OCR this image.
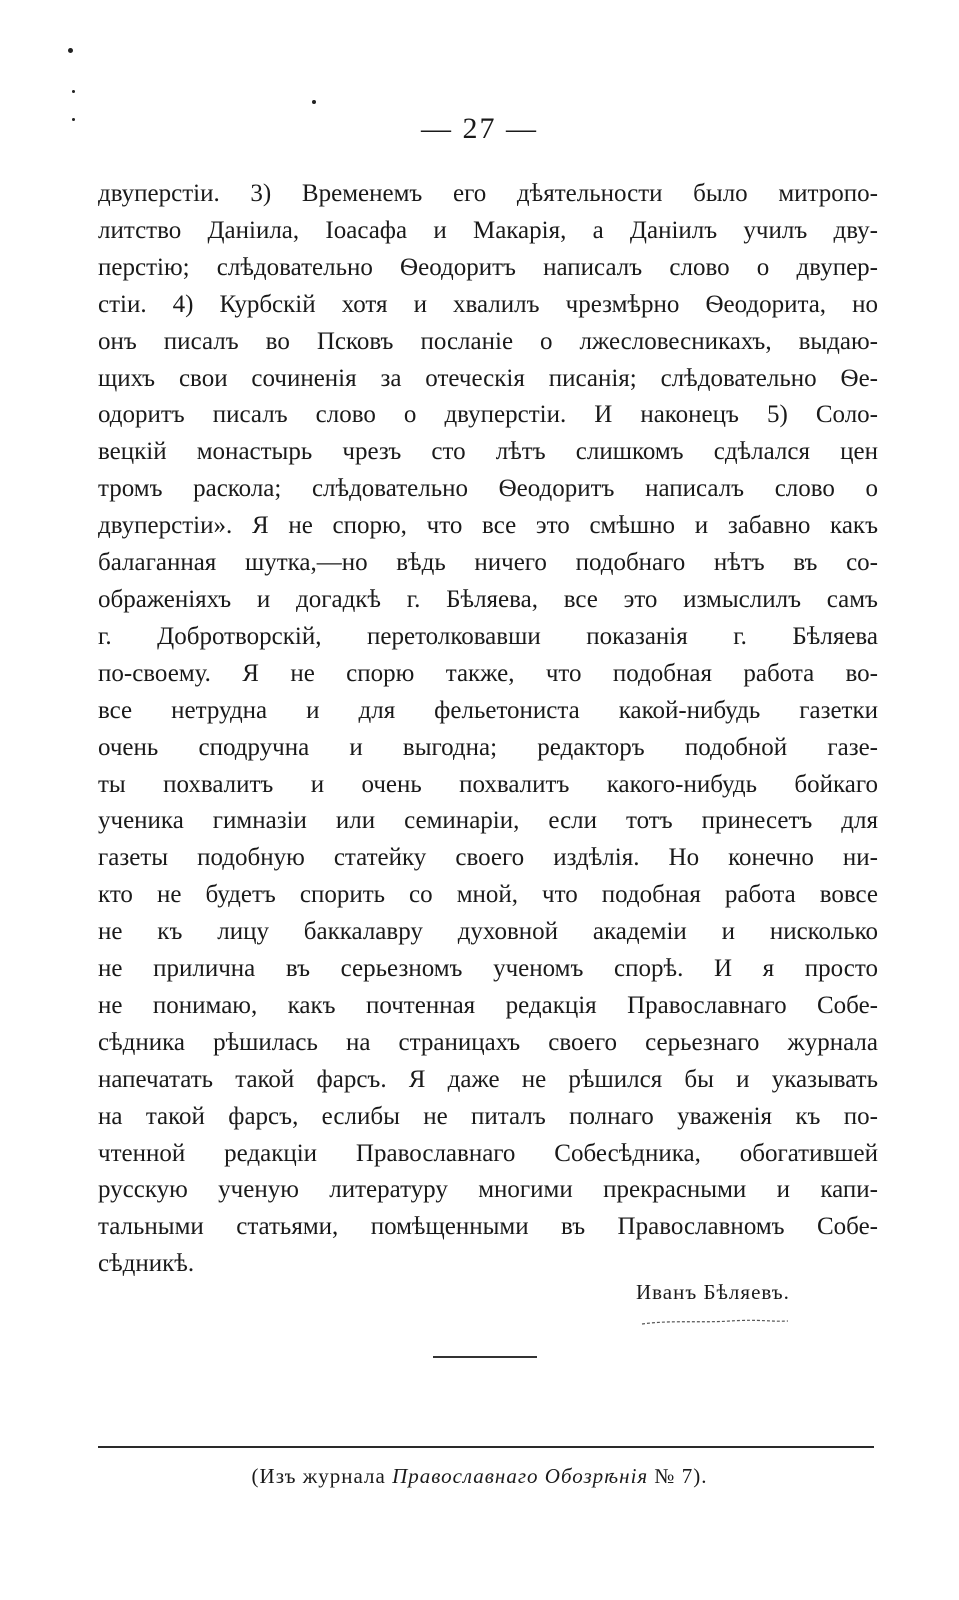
— 27 —
двуперстіи. 3) Временемъ его дѣятельности было митропо-
литство Даніила, Іоасафа и Макарія, а Даніилъ училъ дву-
перстію; слѣдовательно Ѳеодоритъ написалъ слово о двупер-
стіи. 4) Курбскій хотя и хвалилъ чрезмѣрно Ѳеодорита, но
онъ писалъ во Псковъ посланіе о лжесловесникахъ, выдаю-
щихъ свои сочиненія за отеческія писанія; слѣдовательно Ѳе-
одоритъ писалъ слово о двуперстіи. И наконецъ 5) Соло-
вецкій монастырь чрезъ сто лѣтъ слишкомъ сдѣлался цен
тромъ раскола; слѣдовательно Ѳеодоритъ написалъ слово о
двуперстіи». Я не спорю, что все это смѣшно и забавно какъ
балаганная шутка,—но вѣдь ничего подобнаго нѣтъ въ со-
ображеніяхъ и догадкѣ г. Бѣляева, все это измыслилъ самъ
г. Добротворскій, перетолковавши показанія г. Бѣляева
по-своему. Я не спорю также, что подобная работа во-
все нетрудна и для фельетониста какой-нибудь газетки
очень сподручна и выгодна; редакторъ подобной газе-
ты похвалитъ и очень похвалитъ какого-нибудь бойкаго
ученика гимназіи или семинаріи, если тотъ принесетъ для
газеты подобную статейку своего издѣлія. Но конечно ни-
кто не будетъ спорить со мной, что подобная работа вовсе
не къ лицу баккалавру духовной академіи и нисколько
не прилична въ серьезномъ ученомъ спорѣ. И я просто
не понимаю, какъ почтенная редакція Православнаго Собе-
сѣдника рѣшилась на страницахъ своего серьезнаго журнала
напечатать такой фарсъ. Я даже не рѣшился бы и указывать
на такой фарсъ, еслибы не питалъ полнаго уваженія къ по-
чтенной редакціи Православнаго Собесѣдника, обогатившей
русскую ученую литературу многими прекрасными и капи-
тальными статьями, помѣщенными въ Православномъ Собе-
сѣдникѣ.
Иванъ Бѣляевъ.
(Изъ журнала Православнаго Обозрѣнія № 7).
